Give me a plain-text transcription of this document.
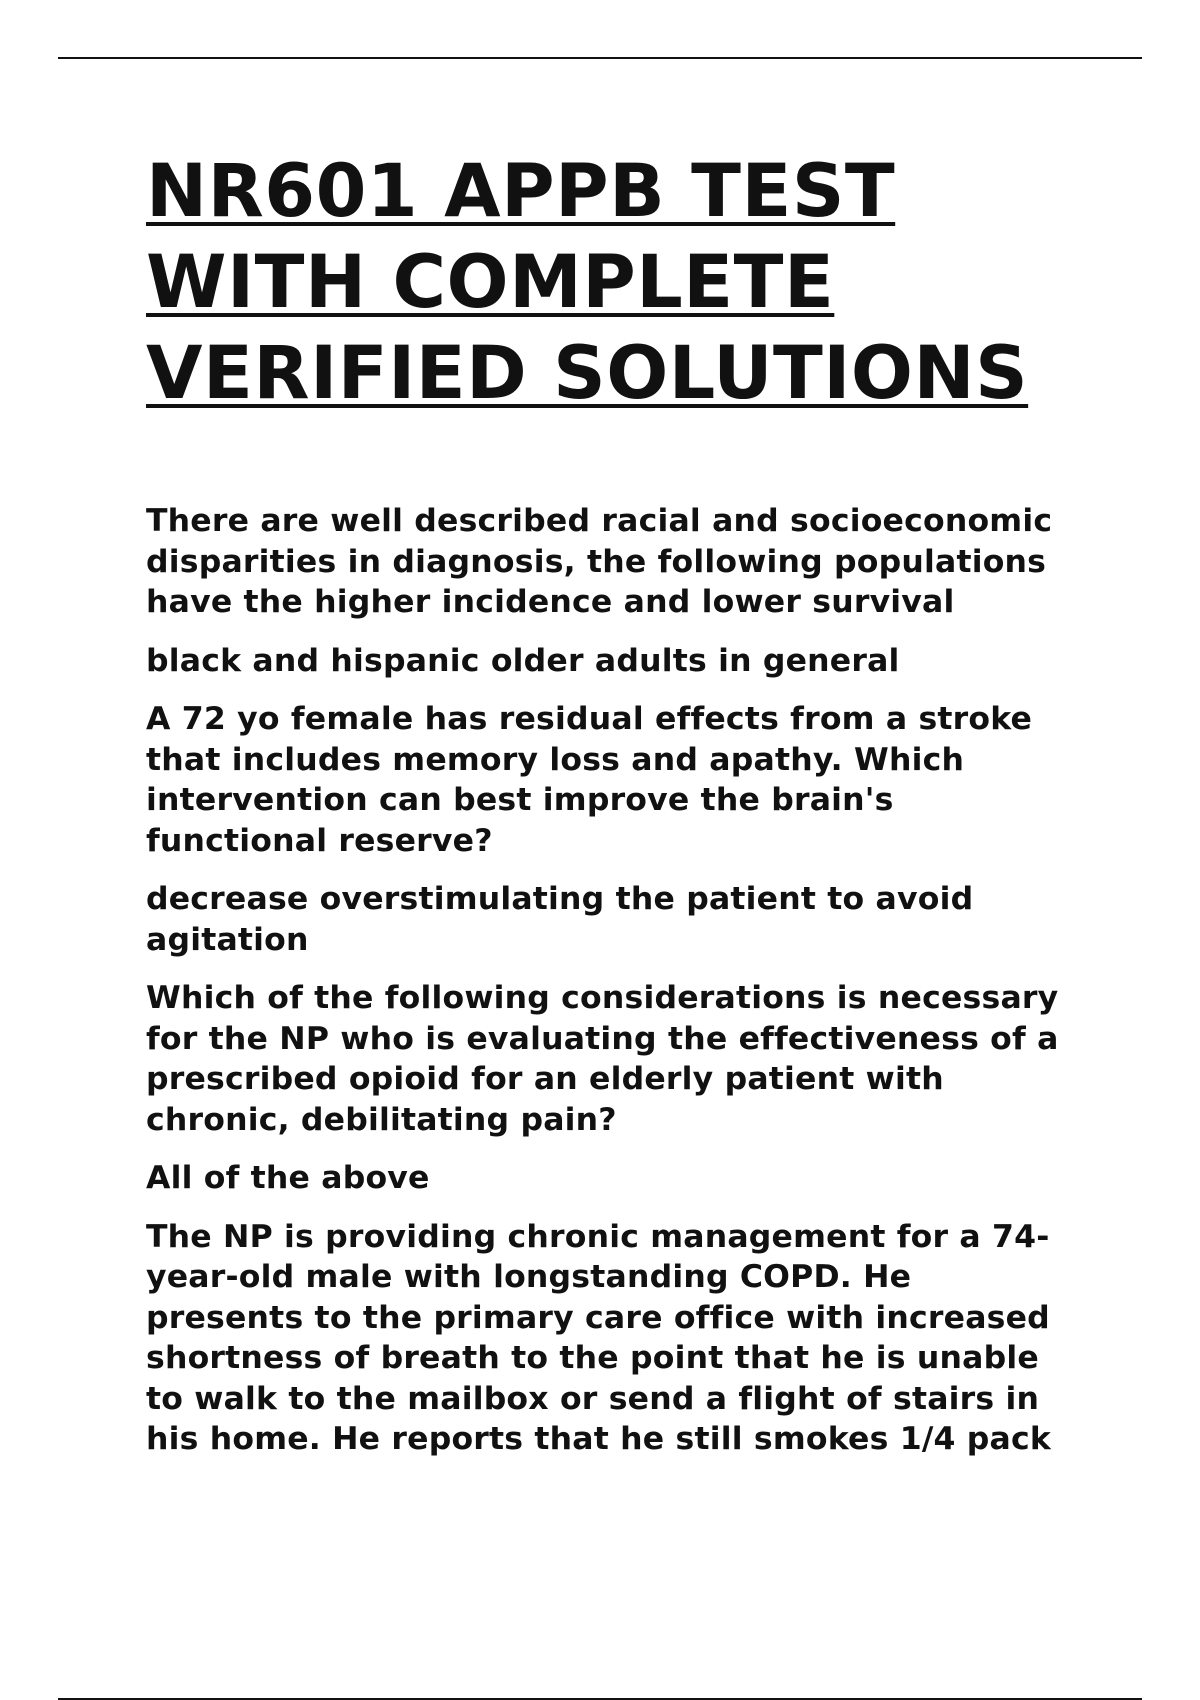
NR601 APPB TEST
WITH COMPLETE
VERIFIED SOLUTIONS

There are well described racial and socioeconomic
disparities in diagnosis, the following populations
have the higher incidence and lower survival

black and hispanic older adults in general

A 72 yo female has residual effects from a stroke
that includes memory loss and apathy. Which
intervention can best improve the brain's
functional reserve?

decrease overstimulating the patient to avoid
agitation

Which of the following considerations is necessary
for the NP who is evaluating the effectiveness of a
prescribed opioid for an elderly patient with
chronic, debilitating pain?

All of the above

The NP is providing chronic management for a 74-
year-old male with longstanding COPD. He
presents to the primary care office with increased
shortness of breath to the point that he is unable
to walk to the mailbox or send a flight of stairs in
his home. He reports that he still smokes 1/4 pack
